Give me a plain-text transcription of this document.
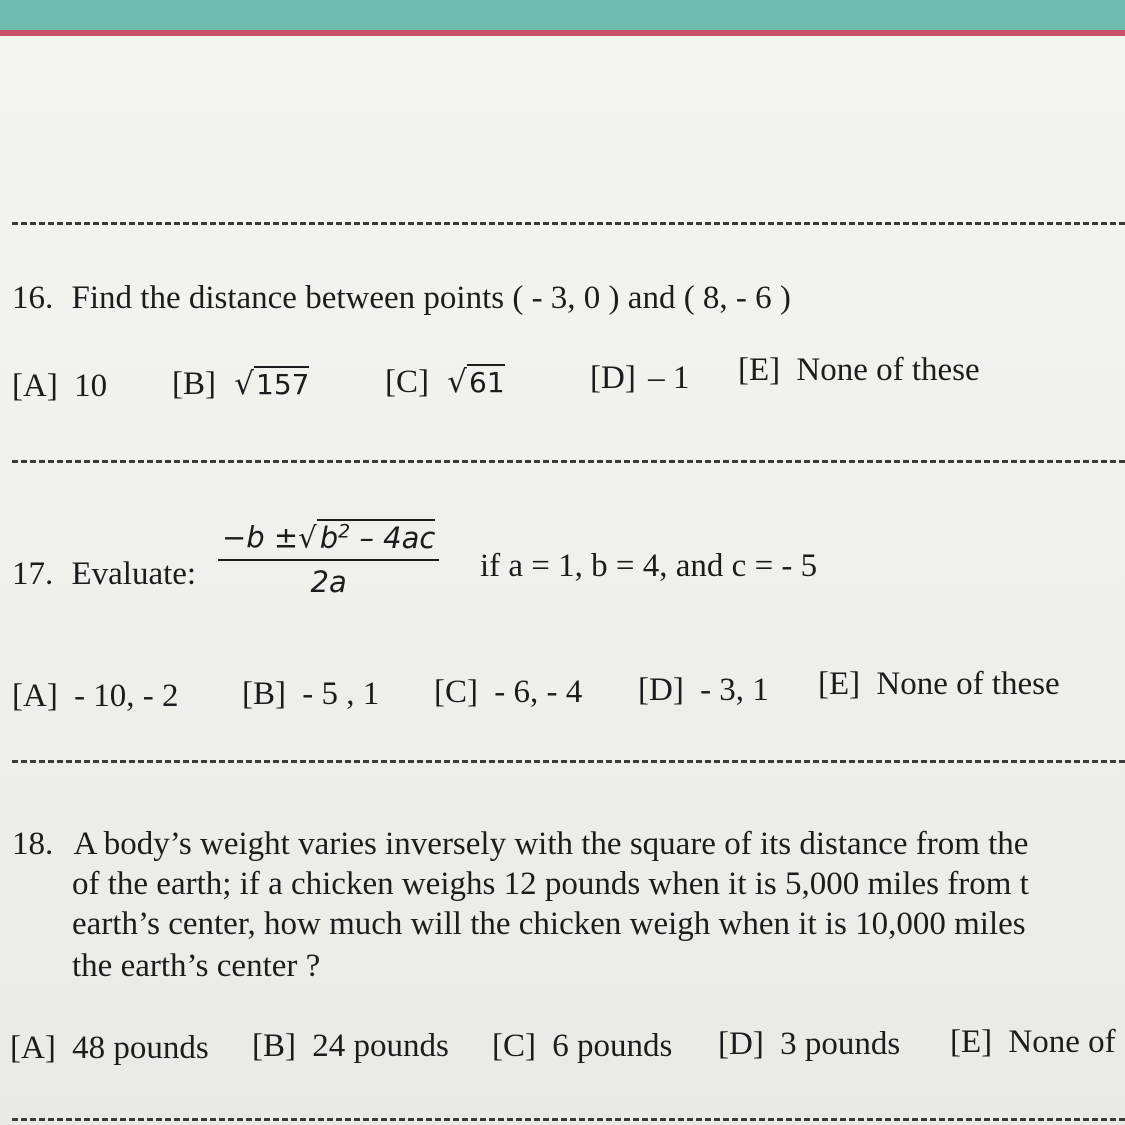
16. Find the distance between points ( - 3, 0 ) and ( 8, - 6 )
[A] 10 [B] √157 [C] √61	[D] – 1 [E] None of these
17. Evaluate:
−b ±√ $b^2 - 4ac$
2a	if a = 1, b = 4, and c = - 5
[A] - 10, - 2 [B] - 5 , 1 [C] - 6, - 4 [D] - 3, 1 [E] None of these
18. A body’s weight varies inversely with the square of its distance from the
of the earth; if a chicken weighs 12 pounds when it is 5,000 miles from t
earth’s center, how much will the chicken weigh when it is 10,000 miles
the earth’s center ?
[A] 48 pounds [B] 24 pounds [C] 6 pounds [D] 3 pounds [E] None of
